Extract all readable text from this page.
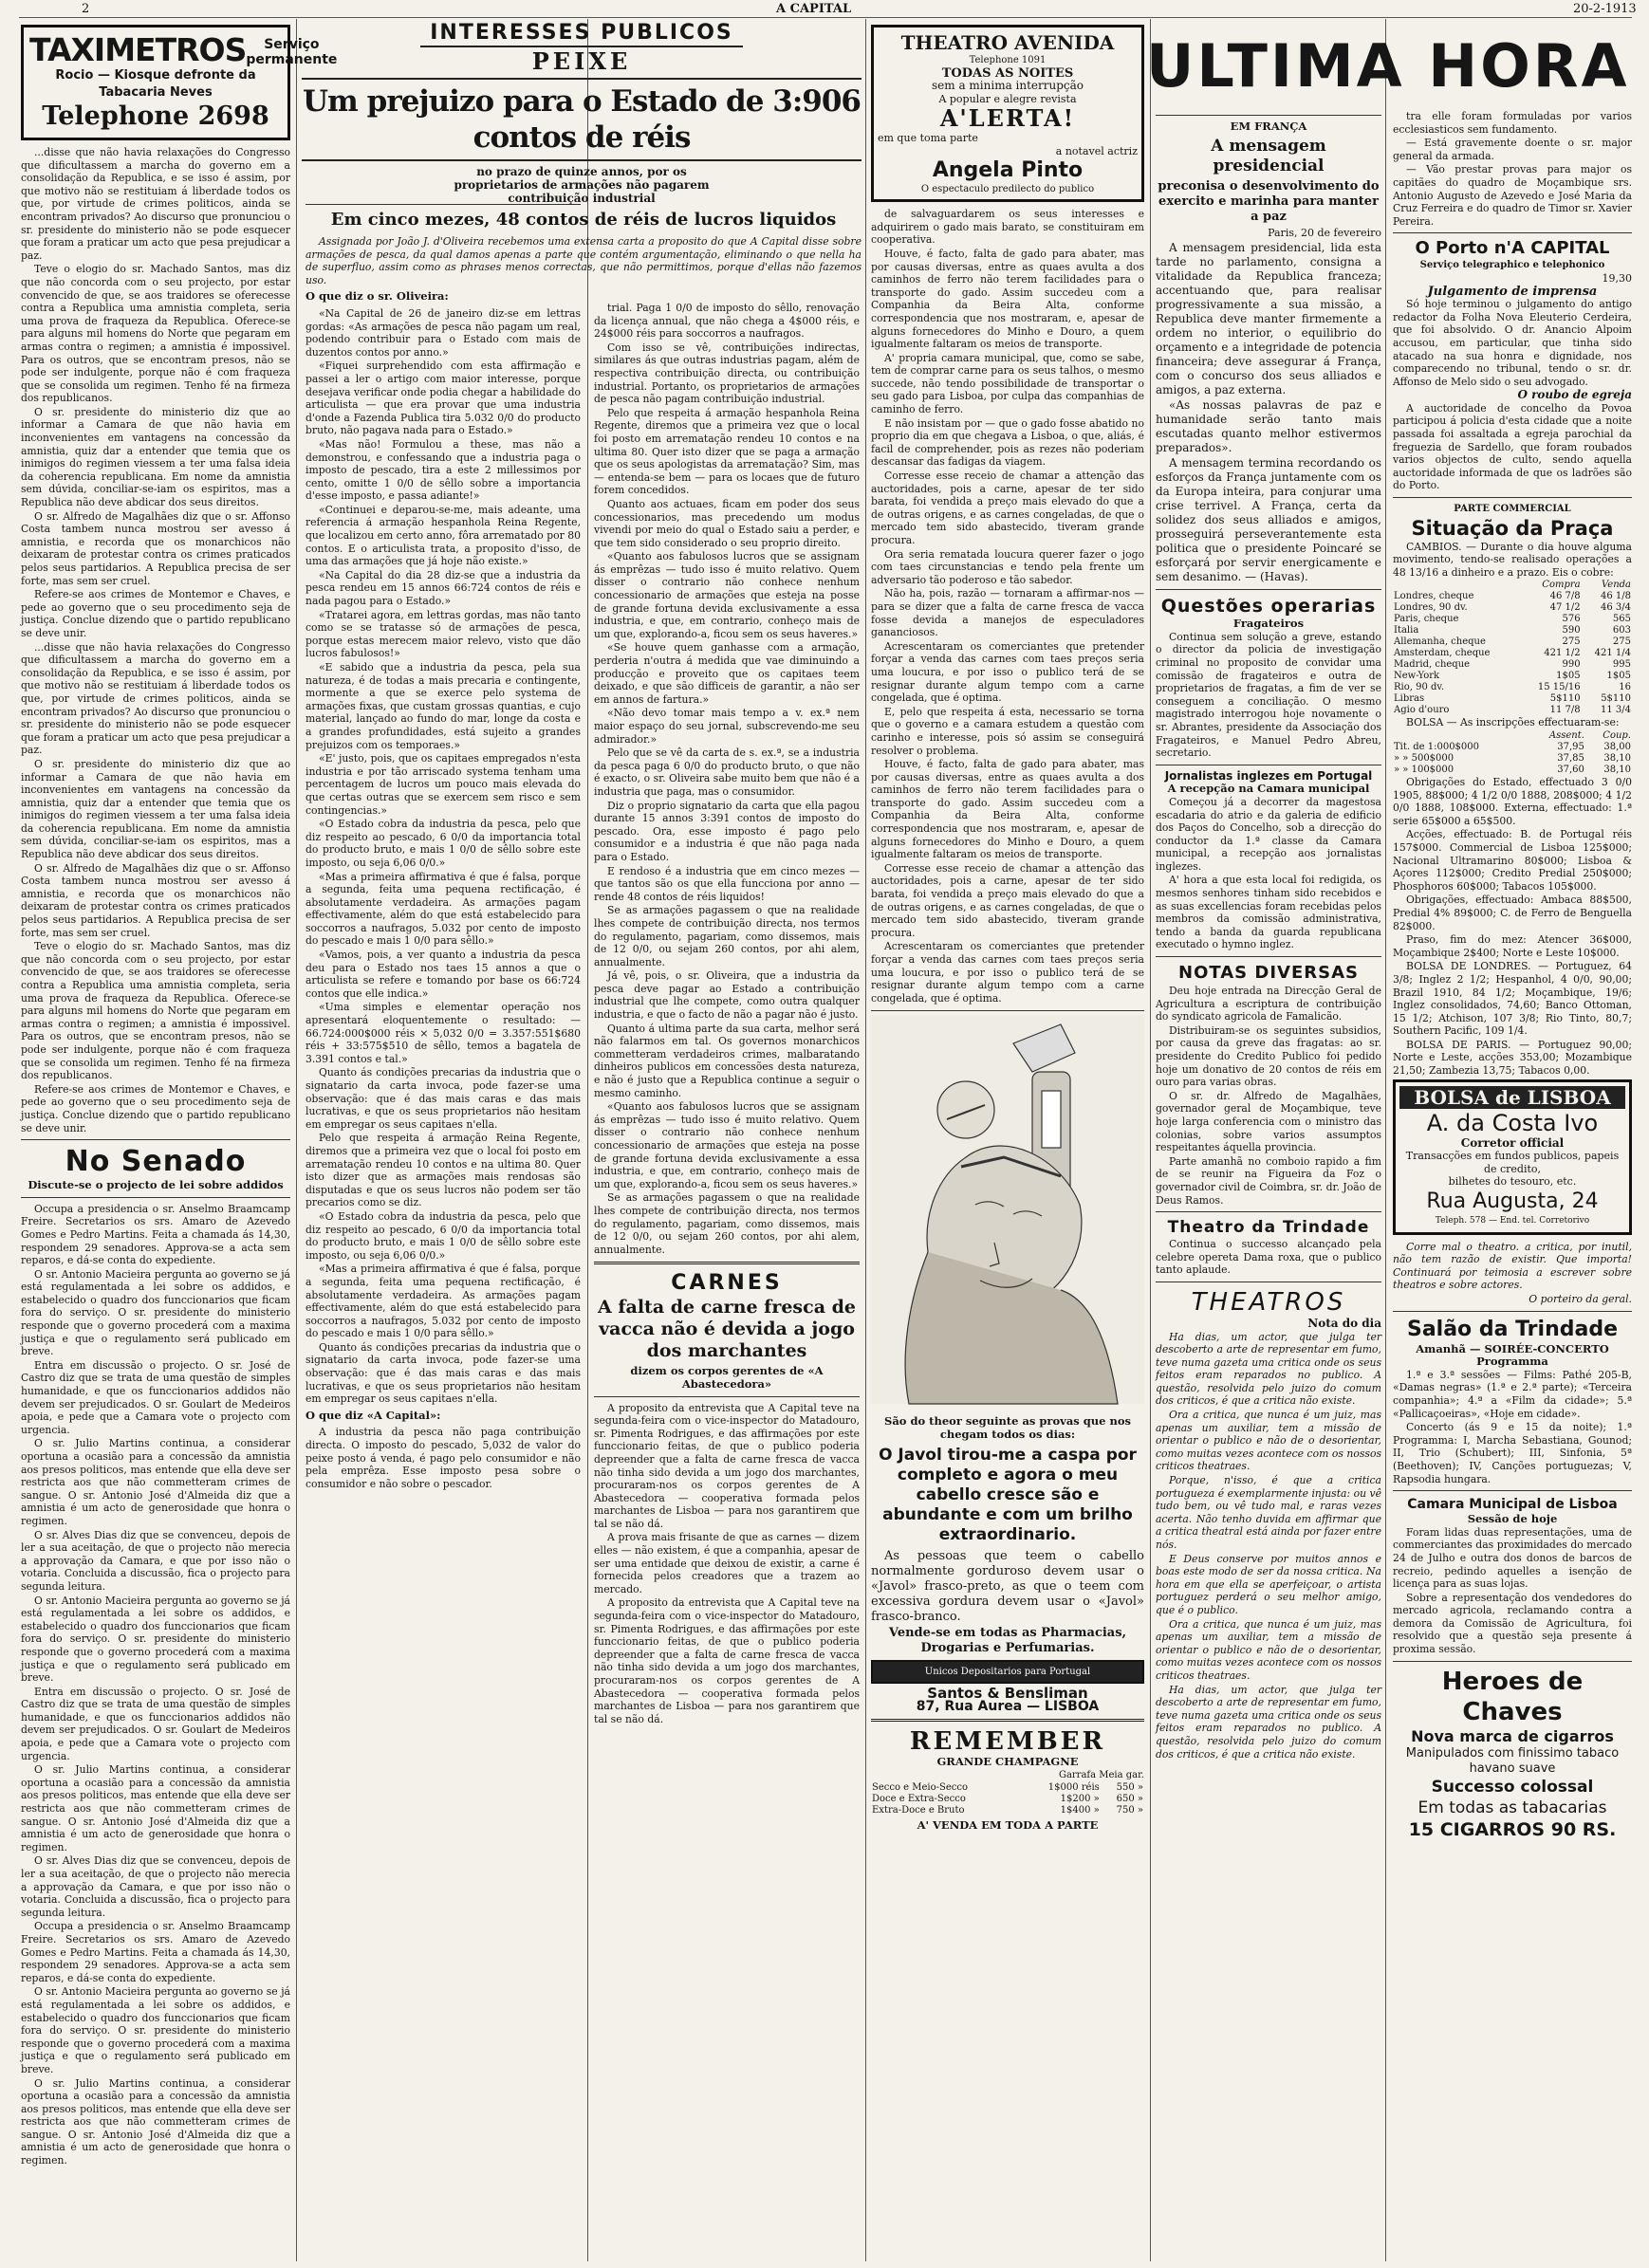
2	A CAPITAL	20-2-1913
TAXIMETROS	Serviço
permanente
Rocio — Kiosque defronte da Tabacaria Neves
Telephone 2698

...disse que não havia relaxações do Congresso que dificultassem a marcha do governo em a consolidação da Republica, e se isso é assim, por que motivo não se restituiam á liberdade todos os que, por virtude de crimes politicos, ainda se encontram privados? Ao discurso que pronunciou o sr. presidente do ministerio não se pode esquecer que foram a praticar um acto que pesa prejudicar a paz.

Teve o elogio do sr. Machado Santos, mas diz que não concorda com o seu projecto, por estar convencido de que, se aos traidores se oferecesse contra a Republica uma amnistia completa, seria uma prova de fraqueza da Republica. Oferece-se para alguns mil homens do Norte que pegaram em armas contra o regimen; a amnistia é impossivel. Para os outros, que se encontram presos, não se pode ser indulgente, porque não é com fraqueza que se consolida um regimen. Tenho fé na firmeza dos republicanos.

O sr. presidente do ministerio diz que ao informar a Camara de que não havia em inconvenientes em vantagens na concessão da amnistia, quiz dar a entender que temia que os inimigos do regimen viessem a ter uma falsa ideia da coherencia republicana. Em nome da amnistia sem dúvida, conciliar-se-iam os espiritos, mas a Republica não deve abdicar dos seus direitos.

O sr. Alfredo de Magalhães diz que o sr. Affonso Costa tambem nunca mostrou ser avesso á amnistia, e recorda que os monarchicos não deixaram de protestar contra os crimes praticados pelos seus partidarios. A Republica precisa de ser forte, mas sem ser cruel.

Refere-se aos crimes de Montemor e Chaves, e pede ao governo que o seu procedimento seja de justiça. Conclue dizendo que o partido republicano se deve unir.

...disse que não havia relaxações do Congresso que dificultassem a marcha do governo em a consolidação da Republica, e se isso é assim, por que motivo não se restituiam á liberdade todos os que, por virtude de crimes politicos, ainda se encontram privados? Ao discurso que pronunciou o sr. presidente do ministerio não se pode esquecer que foram a praticar um acto que pesa prejudicar a paz.

O sr. presidente do ministerio diz que ao informar a Camara de que não havia em inconvenientes em vantagens na concessão da amnistia, quiz dar a entender que temia que os inimigos do regimen viessem a ter uma falsa ideia da coherencia republicana. Em nome da amnistia sem dúvida, conciliar-se-iam os espiritos, mas a Republica não deve abdicar dos seus direitos.

O sr. Alfredo de Magalhães diz que o sr. Affonso Costa tambem nunca mostrou ser avesso á amnistia, e recorda que os monarchicos não deixaram de protestar contra os crimes praticados pelos seus partidarios. A Republica precisa de ser forte, mas sem ser cruel.

Teve o elogio do sr. Machado Santos, mas diz que não concorda com o seu projecto, por estar convencido de que, se aos traidores se oferecesse contra a Republica uma amnistia completa, seria uma prova de fraqueza da Republica. Oferece-se para alguns mil homens do Norte que pegaram em armas contra o regimen; a amnistia é impossivel. Para os outros, que se encontram presos, não se pode ser indulgente, porque não é com fraqueza que se consolida um regimen. Tenho fé na firmeza dos republicanos.

Refere-se aos crimes de Montemor e Chaves, e pede ao governo que o seu procedimento seja de justiça. Conclue dizendo que o partido republicano se deve unir.

No Senado
Discute-se o projecto de lei sobre addidos

Occupa a presidencia o sr. Anselmo Braamcamp Freire. Secretarios os srs. Amaro de Azevedo Gomes e Pedro Martins. Feita a chamada ás 14,30, respondem 29 senadores. Approva-se a acta sem reparos, e dá-se conta do expediente.

O sr. Antonio Macieira pergunta ao governo se já está regulamentada a lei sobre os addidos, e estabelecido o quadro dos funccionarios que ficam fora do serviço. O sr. presidente do ministerio responde que o governo procederá com a maxima justiça e que o regulamento será publicado em breve.

Entra em discussão o projecto. O sr. José de Castro diz que se trata de uma questão de simples humanidade, e que os funccionarios addidos não devem ser prejudicados. O sr. Goulart de Medeiros apoia, e pede que a Camara vote o projecto com urgencia.

O sr. Julio Martins continua, a considerar oportuna a ocasião para a concessão da amnistia aos presos politicos, mas entende que ella deve ser restricta aos que não commetteram crimes de sangue. O sr. Antonio José d'Almeida diz que a amnistia é um acto de generosidade que honra o regimen.

O sr. Alves Dias diz que se convenceu, depois de ler a sua aceitação, de que o projecto não merecia a approvação da Camara, e que por isso não o votaria. Concluida a discussão, fica o projecto para segunda leitura.

O sr. Antonio Macieira pergunta ao governo se já está regulamentada a lei sobre os addidos, e estabelecido o quadro dos funccionarios que ficam fora do serviço. O sr. presidente do ministerio responde que o governo procederá com a maxima justiça e que o regulamento será publicado em breve.

Entra em discussão o projecto. O sr. José de Castro diz que se trata de uma questão de simples humanidade, e que os funccionarios addidos não devem ser prejudicados. O sr. Goulart de Medeiros apoia, e pede que a Camara vote o projecto com urgencia.

O sr. Julio Martins continua, a considerar oportuna a ocasião para a concessão da amnistia aos presos politicos, mas entende que ella deve ser restricta aos que não commetteram crimes de sangue. O sr. Antonio José d'Almeida diz que a amnistia é um acto de generosidade que honra o regimen.

O sr. Alves Dias diz que se convenceu, depois de ler a sua aceitação, de que o projecto não merecia a approvação da Camara, e que por isso não o votaria. Concluida a discussão, fica o projecto para segunda leitura.

Occupa a presidencia o sr. Anselmo Braamcamp Freire. Secretarios os srs. Amaro de Azevedo Gomes e Pedro Martins. Feita a chamada ás 14,30, respondem 29 senadores. Approva-se a acta sem reparos, e dá-se conta do expediente.

O sr. Antonio Macieira pergunta ao governo se já está regulamentada a lei sobre os addidos, e estabelecido o quadro dos funccionarios que ficam fora do serviço. O sr. presidente do ministerio responde que o governo procederá com a maxima justiça e que o regulamento será publicado em breve.

O sr. Julio Martins continua, a considerar oportuna a ocasião para a concessão da amnistia aos presos politicos, mas entende que ella deve ser restricta aos que não commetteram crimes de sangue. O sr. Antonio José d'Almeida diz que a amnistia é um acto de generosidade que honra o regimen.

INTERESSES PUBLICOS
PEIXE
Um prejuizo para o Estado de 3:906 contos de réis
no prazo de quinze annos, por os proprietarios de armações não pagarem contribuição industrial
Em cinco mezes, 48 contos de réis de lucros liquidos

Assignada por João J. d'Oliveira recebemos uma extensa carta a proposito do que A Capital disse sobre armações de pesca, da qual damos apenas a parte que contém argumentação, eliminando o que nella ha de superfluo, assim como as phrases menos correctas, que não permittimos, porque d'ellas não fazemos uso.

O que diz o sr. Oliveira:

«Na Capital de 26 de janeiro diz-se em lettras gordas: «As armações de pesca não pagam um real, podendo contribuir para o Estado com mais de duzentos contos por anno.»

«Fiquei surprehendido com esta affirmação e passei a ler o artigo com maior interesse, porque desejava verificar onde podia chegar a habilidade do articulista — que era provar que uma industria d'onde a Fazenda Publica tira 5.032 0/0 do producto bruto, não pagava nada para o Estado.»

«Mas não! Formulou a these, mas não a demonstrou, e confessando que a industria paga o imposto de pescado, tira a este 2 millessimos por cento, omitte 1 0/0 de sêllo sobre a importancia d'esse imposto, e passa adiante!»

«Continuei e deparou-se-me, mais adeante, uma referencia á armação hespanhola Reina Regente, que localizou em certo anno, fôra arrematado por 80 contos. E o articulista trata, a proposito d'isso, de uma das armações que já hoje não existe.»

«Na Capital do dia 28 diz-se que a industria da pesca rendeu em 15 annos 66:724 contos de réis e nada pagou para o Estado.»

«Tratarei agora, em lettras gordas, mas não tanto como se se tratasse só de armações de pesca, porque estas merecem maior relevo, visto que dão lucros fabulosos!»

«E sabido que a industria da pesca, pela sua natureza, é de todas a mais precaria e contingente, mormente a que se exerce pelo systema de armações fixas, que custam grossas quantias, e cujo material, lançado ao fundo do mar, longe da costa e a grandes profundidades, está sujeito a grandes prejuizos com os temporaes.»

«E' justo, pois, que os capitaes empregados n'esta industria e por tão arriscado systema tenham uma percentagem de lucros um pouco mais elevada do que certas outras que se exercem sem risco e sem contingencias.»

«O Estado cobra da industria da pesca, pelo que diz respeito ao pescado, 6 0/0 da importancia total do producto bruto, e mais 1 0/0 de sêllo sobre este imposto, ou seja 6,06 0/0.»

«Mas a primeira affirmativa é que é falsa, porque a segunda, feita uma pequena rectificação, é absolutamente verdadeira. As armações pagam effectivamente, além do que está estabelecido para soccorros a naufragos, 5.032 por cento de imposto do pescado e mais 1 0/0 para sêllo.»

«Vamos, pois, a ver quanto a industria da pesca deu para o Estado nos taes 15 annos a que o articulista se refere e tomando por base os 66:724 contos que elle indica.»

«Uma simples e elementar operação nos apresentará eloquentemente o resultado: — 66.724:000$000 réis × 5,032 0/0 = 3.357:551$680 réis + 33:575$510 de sêllo, temos a bagatela de 3.391 contos e tal.»

Quanto ás condições precarias da industria que o signatario da carta invoca, pode fazer-se uma observação: que é das mais caras e das mais lucrativas, e que os seus proprietarios não hesitam em empregar os seus capitaes n'ella.

Pelo que respeita á armação Reina Regente, diremos que a primeira vez que o local foi posto em arrematação rendeu 10 contos e na ultima 80. Quer isto dizer que as armações mais rendosas são disputadas e que os seus lucros não podem ser tão precarios como se diz.

«O Estado cobra da industria da pesca, pelo que diz respeito ao pescado, 6 0/0 da importancia total do producto bruto, e mais 1 0/0 de sêllo sobre este imposto, ou seja 6,06 0/0.»

«Mas a primeira affirmativa é que é falsa, porque a segunda, feita uma pequena rectificação, é absolutamente verdadeira. As armações pagam effectivamente, além do que está estabelecido para soccorros a naufragos, 5.032 por cento de imposto do pescado e mais 1 0/0 para sêllo.»

Quanto ás condições precarias da industria que o signatario da carta invoca, pode fazer-se uma observação: que é das mais caras e das mais lucrativas, e que os seus proprietarios não hesitam em empregar os seus capitaes n'ella.

O que diz «A Capital»:

A industria da pesca não paga contribuição directa. O imposto do pescado, 5,032 de valor do peixe posto á venda, é pago pelo consumidor e não pela emprêza. Esse imposto pesa sobre o consumidor e não sobre o pescador.

trial. Paga 1 0/0 de imposto do sêllo, renovação da licença annual, que não chega a 4$000 réis, e 24$000 réis para soccorros a naufragos.

Com isso se vê, contribuições indirectas, similares ás que outras industrias pagam, além de respectiva contribuição directa, ou contribuição industrial. Portanto, os proprietarios de armações de pesca não pagam contribuição industrial.

Pelo que respeita á armação hespanhola Reina Regente, diremos que a primeira vez que o local foi posto em arrematação rendeu 10 contos e na ultima 80. Quer isto dizer que se paga a armação que os seus apologistas da arrematação? Sim, mas — entenda-se bem — para os locaes que de futuro forem concedidos.

Quanto aos actuaes, ficam em poder dos seus concessionarios, mas precedendo um modus vivendi por meio do qual o Estado saiu a perder, e que tem sido considerado o seu proprio direito.

«Quanto aos fabulosos lucros que se assignam ás emprêzas — tudo isso é muito relativo. Quem disser o contrario não conhece nenhum concessionario de armações que esteja na posse de grande fortuna devida exclusivamente a essa industria, e que, em contrario, conheço mais de um que, explorando-a, ficou sem os seus haveres.»

«Se houve quem ganhasse com a armação, perderia n'outra á medida que vae diminuindo a producção e proveito que os capitaes teem deixado, e que são difficeis de garantir, a não ser em annos de fartura.»

«Não devo tomar mais tempo a v. ex.ª nem maior espaço do seu jornal, subscrevendo-me seu admirador.»

Pelo que se vê da carta de s. ex.ª, se a industria da pesca paga 6 0/0 do producto bruto, o que não é exacto, o sr. Oliveira sabe muito bem que não é a industria que paga, mas o consumidor.

Diz o proprio signatario da carta que ella pagou durante 15 annos 3:391 contos de imposto do pescado. Ora, esse imposto é pago pelo consumidor e a industria é que não paga nada para o Estado.

E rendoso é a industria que em cinco mezes — que tantos são os que ella funcciona por anno — rende 48 contos de réis liquidos!

Se as armações pagassem o que na realidade lhes compete de contribuição directa, nos termos do regulamento, pagariam, como dissemos, mais de 12 0/0, ou sejam 260 contos, por ahi alem, annualmente.

Já vê, pois, o sr. Oliveira, que a industria da pesca deve pagar ao Estado a contribuição industrial que lhe compete, como outra qualquer industria, e que o facto de não a pagar não é justo.

Quanto á ultima parte da sua carta, melhor será não falarmos em tal. Os governos monarchicos commetteram verdadeiros crimes, malbaratando dinheiros publicos em concessões desta natureza, e não é justo que a Republica continue a seguir o mesmo caminho.

«Quanto aos fabulosos lucros que se assignam ás emprêzas — tudo isso é muito relativo. Quem disser o contrario não conhece nenhum concessionario de armações que esteja na posse de grande fortuna devida exclusivamente a essa industria, e que, em contrario, conheço mais de um que, explorando-a, ficou sem os seus haveres.»

Se as armações pagassem o que na realidade lhes compete de contribuição directa, nos termos do regulamento, pagariam, como dissemos, mais de 12 0/0, ou sejam 260 contos, por ahi alem, annualmente.

CARNES
A falta de carne fresca de vacca não é devida a jogo dos marchantes
dizem os corpos gerentes de «A Abastecedora»

A proposito da entrevista que A Capital teve na segunda-feira com o vice-inspector do Matadouro, sr. Pimenta Rodrigues, e das affirmações por este funccionario feitas, de que o publico poderia depreender que a falta de carne fresca de vacca não tinha sido devida a um jogo dos marchantes, procuraram-nos os corpos gerentes de A Abastecedora — cooperativa formada pelos marchantes de Lisboa — para nos garantirem que tal se não dá.

A prova mais frisante de que as carnes — dizem elles — não existem, é que a companhia, apesar de ser uma entidade que deixou de existir, a carne é fornecida pelos creadores que a trazem ao mercado.

A proposito da entrevista que A Capital teve na segunda-feira com o vice-inspector do Matadouro, sr. Pimenta Rodrigues, e das affirmações por este funccionario feitas, de que o publico poderia depreender que a falta de carne fresca de vacca não tinha sido devida a um jogo dos marchantes, procuraram-nos os corpos gerentes de A Abastecedora — cooperativa formada pelos marchantes de Lisboa — para nos garantirem que tal se não dá.

THEATRO AVENIDA
Telephone 1091
TODAS AS NOITES
sem a minima interrupção
A popular e alegre revista
A'LERTA!
em que toma parte
a notavel actriz
Angela Pinto
O espectaculo predilecto do publico

de salvaguardarem os seus interesses e adquirirem o gado mais barato, se constituiram em cooperativa.

Houve, é facto, falta de gado para abater, mas por causas diversas, entre as quaes avulta a dos caminhos de ferro não terem facilidades para o transporte do gado. Assim succedeu com a Companhia da Beira Alta, conforme correspondencia que nos mostraram, e, apesar de alguns fornecedores do Minho e Douro, a quem igualmente faltaram os meios de transporte.

A' propria camara municipal, que, como se sabe, tem de comprar carne para os seus talhos, o mesmo succede, não tendo possibilidade de transportar o seu gado para Lisboa, por culpa das companhias de caminho de ferro.

E não insistam por — que o gado fosse abatido no proprio dia em que chegava a Lisboa, o que, aliás, é facil de comprehender, pois as rezes não poderiam descansar das fadigas da viagem.

Corresse esse receio de chamar a attenção das auctoridades, pois a carne, apesar de ter sido barata, foi vendida a preço mais elevado do que a de outras origens, e as carnes congeladas, de que o mercado tem sido abastecido, tiveram grande procura.

Ora seria rematada loucura querer fazer o jogo com taes circunstancias e tendo pela frente um adversario tão poderoso e tão sabedor.

Não ha, pois, razão — tornaram a affirmar-nos — para se dizer que a falta de carne fresca de vacca fosse devida a manejos de especuladores gananciosos.

Acrescentaram os comerciantes que pretender forçar a venda das carnes com taes preços seria uma loucura, e por isso o publico terá de se resignar durante algum tempo com a carne congelada, que é optima.

E, pelo que respeita á esta, necessario se torna que o governo e a camara estudem a questão com carinho e interesse, pois só assim se conseguirá resolver o problema.

Houve, é facto, falta de gado para abater, mas por causas diversas, entre as quaes avulta a dos caminhos de ferro não terem facilidades para o transporte do gado. Assim succedeu com a Companhia da Beira Alta, conforme correspondencia que nos mostraram, e, apesar de alguns fornecedores do Minho e Douro, a quem igualmente faltaram os meios de transporte.

Corresse esse receio de chamar a attenção das auctoridades, pois a carne, apesar de ter sido barata, foi vendida a preço mais elevado do que a de outras origens, e as carnes congeladas, de que o mercado tem sido abastecido, tiveram grande procura.

Acrescentaram os comerciantes que pretender forçar a venda das carnes com taes preços seria uma loucura, e por isso o publico terá de se resignar durante algum tempo com a carne congelada, que é optima.

São do theor seguinte as provas que nos chegam todos os dias:
O Javol tirou-me a caspa por completo e agora o meu cabello cresce são e abundante e com um brilho extraordinario.

As pessoas que teem o cabello normalmente gorduroso devem usar o «Javol» frasco-preto, as que o teem com excessiva gordura devem usar o «Javol» frasco-branco.

Vende-se em todas as Pharmacias, Drogarias e Perfumarias.
Unicos Depositarios para Portugal
Santos & Bensliman
87, Rua Aurea — LISBOA
REMEMBER
GRANDE CHAMPAGNE
Garrafa Meia gar.
Secco e Meio-Secco	1$000 réis	550 »
Doce e Extra-Secco	1$200 »	650 »
Extra-Doce e Bruto	1$400 »	750 »
A' VENDA EM TODA A PARTE
ULTIMA HORA
EM FRANÇA
A mensagem presidencial
preconisa o desenvolvimento do exercito e marinha para manter a paz
Paris, 20 de fevereiro

A mensagem presidencial, lida esta tarde no parlamento, consigna a vitalidade da Republica franceza; accentuando que, para realisar progressivamente a sua missão, a Republica deve manter firmemente a ordem no interior, o equilibrio do orçamento e a integridade de potencia financeira; deve assegurar á França, com o concurso dos seus alliados e amigos, a paz externa.

«As nossas palavras de paz e humanidade serão tanto mais escutadas quanto melhor estivermos preparados».

A mensagem termina recordando os esforços da França juntamente com os da Europa inteira, para conjurar uma crise terrivel. A França, certa da solidez dos seus alliados e amigos, prosseguirá perseverantemente esta politica que o presidente Poincaré se esforçará por servir energicamente e sem desanimo. — (Havas).

Questões operarias
Fragateiros

Continua sem solução a greve, estando o director da policia de investigação criminal no proposito de convidar uma comissão de fragateiros e outra de proprietarios de fragatas, a fim de ver se conseguem a conciliação. O mesmo magistrado interrogou hoje novamente o sr. Abrantes, presidente da Associação dos Fragateiros, e Manuel Pedro Abreu, secretario.

Jornalistas inglezes em Portugal
A recepção na Camara municipal

Começou já a decorrer da magestosa escadaria do atrio e da galeria de edificio dos Paços do Concelho, sob a direcção do conductor da 1.ª classe da Camara municipal, a recepção aos jornalistas inglezes.

A' hora a que esta local foi redigida, os mesmos senhores tinham sido recebidos e as suas excellencias foram recebidas pelos membros da comissão administrativa, tendo a banda da guarda republicana executado o hymno inglez.

NOTAS DIVERSAS

Deu hoje entrada na Direcção Geral de Agricultura a escriptura de contribuição do syndicato agricola de Famalicão.

Distribuiram-se os seguintes subsidios, por causa da greve das fragatas: ao sr. presidente do Credito Publico foi pedido hoje um donativo de 20 contos de réis em ouro para varias obras.

O sr. dr. Alfredo de Magalhães, governador geral de Moçambique, teve hoje larga conferencia com o ministro das colonias, sobre varios assumptos respeitantes áquella provincia.

Parte amanhã no comboio rapido a fim de se reunir na Figueira da Foz o governador civil de Coimbra, sr. dr. João de Deus Ramos.

Theatro da Trindade

Continua o successo alcançado pela celebre opereta Dama roxa, que o publico tanto aplaude.

THEATROS
Nota do dia

Ha dias, um actor, que julga ter descoberto a arte de representar em fumo, teve numa gazeta uma critica onde os seus feitos eram reparados no publico. A questão, resolvida pelo juizo do comum dos criticos, é que a critica não existe.

Ora a critica, que nunca é um juiz, mas apenas um auxiliar, tem a missão de orientar o publico e não de o desorientar, como muitas vezes acontece com os nossos criticos theatraes.

Porque, n'isso, é que a critica portugueza é exemplarmente injusta: ou vê tudo bem, ou vê tudo mal, e raras vezes acerta. Não tenho duvida em affirmar que a critica theatral está ainda por fazer entre nós.

E Deus conserve por muitos annos e boas este modo de ser da nossa critica. Na hora em que ella se aperfeiçoar, o artista portuguez perderá o seu melhor amigo, que é o publico.

Ora a critica, que nunca é um juiz, mas apenas um auxiliar, tem a missão de orientar o publico e não de o desorientar, como muitas vezes acontece com os nossos criticos theatraes.

Ha dias, um actor, que julga ter descoberto a arte de representar em fumo, teve numa gazeta uma critica onde os seus feitos eram reparados no publico. A questão, resolvida pelo juizo do comum dos criticos, é que a critica não existe.

tra elle foram formuladas por varios ecclesiasticos sem fundamento.

— Está gravemente doente o sr. major general da armada.

— Vão prestar provas para major os capitães do quadro de Moçambique srs. Antonio Augusto de Azevedo e José Maria da Cruz Ferreira e do quadro de Timor sr. Xavier Pereira.

O Porto n'A CAPITAL
Serviço telegraphico e telephonico
19,30
Julgamento de imprensa

Só hoje terminou o julgamento do antigo redactor da Folha Nova Eleuterio Cerdeira, que foi absolvido. O dr. Anancio Alpoim accusou, em particular, que tinha sido atacado na sua honra e dignidade, nos comparecendo no tribunal, tendo o sr. dr. Affonso de Melo sido o seu advogado.

O roubo de egreja

A auctoridade de concelho da Povoa participou á policia d'esta cidade que a noite passada foi assaltada a egreja parochial da freguezia de Sardello, que foram roubados varios objectos de culto, sendo aquella auctoridade informada de que os ladrões são do Porto.

PARTE COMMERCIAL
Situação da Praça

CAMBIOS. — Durante o dia houve alguma movimento, tendo-se realisado operações a 48 13/16 a dinheiro e a prazo. Eis o cobre:

	Compra	Venda
Londres, cheque	46 7/8	46 1/8
Londres, 90 dv.	47 1/2	46 3/4
Paris, cheque	576	565
Italia	590	603
Allemanha, cheque	275	275
Amsterdam, cheque	421 1/2	421 1/4
Madrid, cheque	990	995
New-York	1$05	1$05
Rio, 90 dv.	15 15/16	16
Libras	5$110	5$110
Agio d'ouro	11 7/8	11 3/4

BOLSA — As inscripções effectuaram-se:

	Assent.	Coup.
Tit. de 1:000$000	37,95	38,00
» » 500$000	37,85	38,10
» » 100$000	37,60	38,10

Obrigações do Estado, effectuado 3 0/0 1905, 88$000; 4 1/2 0/0 1888, 208$000; 4 1/2 0/0 1888, 108$000. Externa, effectuado: 1.ª serie 65$000 a 65$500.

Acções, effectuado: B. de Portugal réis 157$000. Commercial de Lisboa 125$000; Nacional Ultramarino 80$000; Lisboa & Açores 112$000; Credito Predial 250$000; Phosphoros 60$000; Tabacos 105$000.

Obrigações, effectuado: Ambaca 88$500, Predial 4% 89$000; C. de Ferro de Benguella 82$000.

Praso, fim do mez: Atencer 36$000, Moçambique 2$400; Norte e Leste 10$000.

BOLSA DE LONDRES. — Portuguez, 64 3/8; Inglez 2 1/2; Hespanhol, 4 0/0, 90,00; Brazil 1910, 84 1/2; Moçambique, 19/6; Inglez consolidados, 74,60; Banco Ottoman, 15 1/2; Atchison, 107 3/8; Rio Tinto, 80,7; Southern Pacific, 109 1/4.

BOLSA DE PARIS. — Portuguez 90,00; Norte e Leste, acções 353,00; Mozambique 21,50; Zambezia 13,75; Tabacos 0,00.

BOLSA de LISBOA
A. da Costa Ivo
Corretor official
Transacções em fundos publicos, papeis de credito,
bilhetes do tesouro, etc.
Rua Augusta, 24
Teleph. 578 — End. tel. Corretorivo

Corre mal o theatro. a critica, por inutil, não tem razão de existir. Que importa! Continuará por teimosia a escrever sobre theatros e sobre actores.

O porteiro da geral.
Salão da Trindade
Amanhã — SOIRÉE-CONCERTO
Programma

1.ª e 3.ª sessões — Films: Pathé 205-B, «Damas negras» (1.ª e 2.ª parte); «Terceira companhia»; 4.ª a «Film da cidade»; 5.ª «Pallicaçoeiras», «Hoje em cidade».

Concerto (ás 9 e 15 da noite); 1.ª Programma: I, Marcha Sebastiana, Gounod; II, Trio (Schubert); III, Sinfonia, 5ª (Beethoven); IV, Canções portuguezas; V, Rapsodia hungara.

Camara Municipal de Lisboa
Sessão de hoje

Foram lidas duas representações, uma de commerciantes das proximidades do mercado 24 de Julho e outra dos donos de barcos de recreio, pedindo aquelles a isenção de licença para as suas lojas.

Sobre a representação dos vendedores do mercado agricola, reclamando contra a demora da Comissão de Agricultura, foi resolvido que a questão seja presente á proxima sessão.

Heroes de Chaves
Nova marca de cigarros
Manipulados com finissimo tabaco havano suave
Successo colossal
Em todas as tabacarias
15 CIGARROS 90 RS.
